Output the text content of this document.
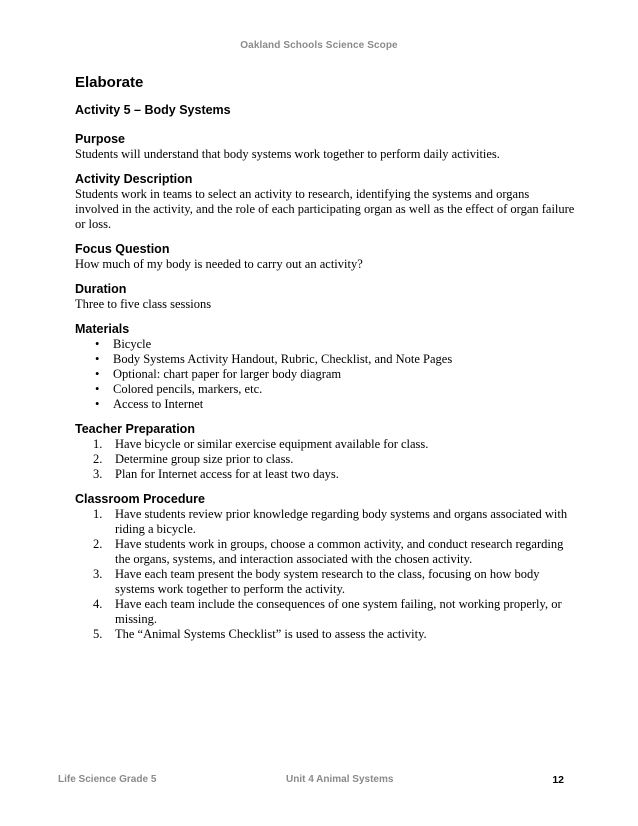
Oakland Schools Science Scope
Elaborate
Activity 5 – Body Systems
Purpose
Students will understand that body systems work together to perform daily activities.
Activity Description
Students work in teams to select an activity to research, identifying the systems and organs involved in the activity, and the role of each participating organ as well as the effect of organ failure or loss.
Focus Question
How much of my body is needed to carry out an activity?
Duration
Three to five class sessions
Materials
• Bicycle
• Body Systems Activity Handout, Rubric, Checklist, and Note Pages
• Optional: chart paper for larger body diagram
• Colored pencils, markers, etc.
• Access to Internet
Teacher Preparation
1. Have bicycle or similar exercise equipment available for class.
2. Determine group size prior to class.
3. Plan for Internet access for at least two days.
Classroom Procedure
1. Have students review prior knowledge regarding body systems and organs associated with riding a bicycle.
2. Have students work in groups, choose a common activity, and conduct research regarding the organs, systems, and interaction associated with the chosen activity.
3. Have each team present the body system research to the class, focusing on how body systems work together to perform the activity.
4. Have each team include the consequences of one system failing, not working properly, or missing.
5. The “Animal Systems Checklist” is used to assess the activity.
Life Science Grade 5	Unit 4 Animal Systems	12
